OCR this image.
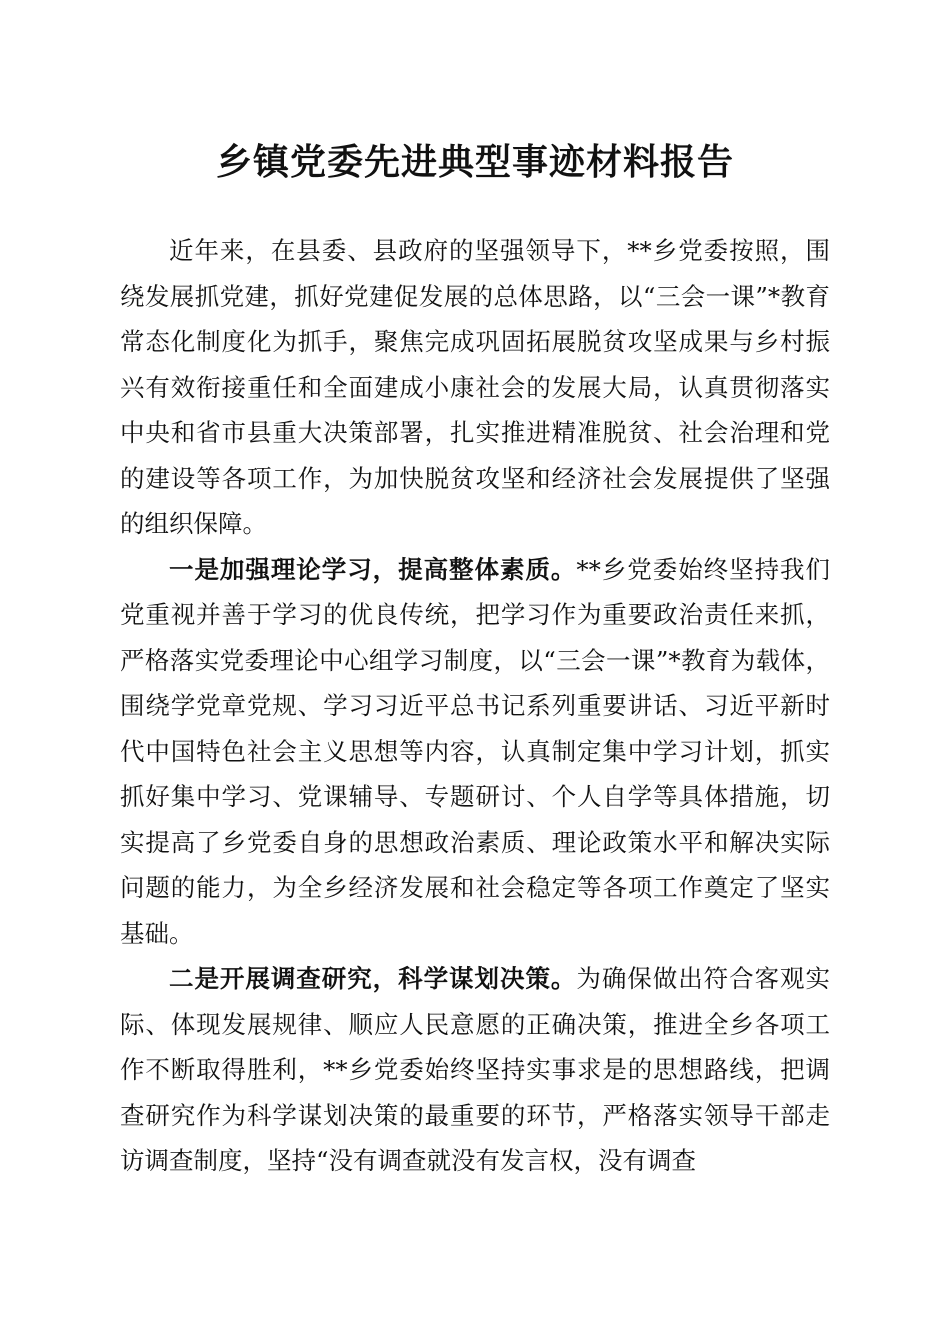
乡镇党委先进典型事迹材料报告

近年来，在县委、县政府的坚强领导下，**乡党委按照，围绕发展抓党建，抓好党建促发展的总体思路，以“三会一课”*教育常态化制度化为抓手，聚焦完成巩固拓展脱贫攻坚成果与乡村振兴有效衔接重任和全面建成小康社会的发展大局，认真贯彻落实中央和省市县重大决策部署，扎实推进精准脱贫、社会治理和党的建设等各项工作，为加快脱贫攻坚和经济社会发展提供了坚强的组织保障。

一是加强理论学习，提高整体素质。**乡党委始终坚持我们党重视并善于学习的优良传统，把学习作为重要政治责任来抓，严格落实党委理论中心组学习制度，以“三会一课”*教育为载体，围绕学党章党规、学习习近平总书记系列重要讲话、习近平新时代中国特色社会主义思想等内容，认真制定集中学习计划，抓实抓好集中学习、党课辅导、专题研讨、个人自学等具体措施，切实提高了乡党委自身的思想政治素质、理论政策水平和解决实际问题的能力，为全乡经济发展和社会稳定等各项工作奠定了坚实基础。

二是开展调查研究，科学谋划决策。为确保做出符合客观实际、体现发展规律、顺应人民意愿的正确决策，推进全乡各项工作不断取得胜利，**乡党委始终坚持实事求是的思想路线，把调查研究作为科学谋划决策的最重要的环节，严格落实领导干部走访调查制度，坚持“没有调查就没有发言权，没有调查
